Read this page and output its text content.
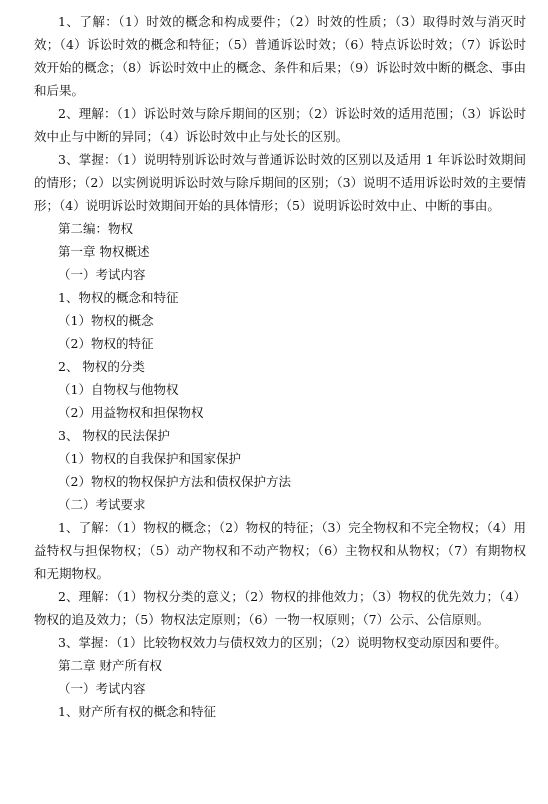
1、了解：（1）时效的概念和构成要件；（2）时效的性质；（3）取得时效与消灭时效；（4）诉讼时效的概念和特征；（5）普通诉讼时效；（6）特点诉讼时效；（7）诉讼时效开始的概念；（8）诉讼时效中止的概念、条件和后果；（9）诉讼时效中断的概念、事由和后果。

2、理解：（1）诉讼时效与除斥期间的区别；（2）诉讼时效的适用范围；（3）诉讼时效中止与中断的异同；（4）诉讼时效中止与处长的区别。

3、掌握：（1）说明特别诉讼时效与普通诉讼时效的区别以及适用 1 年诉讼时效期间的情形；（2）以实例说明诉讼时效与除斥期间的区别；（3）说明不适用诉讼时效的主要情形；（4）说明诉讼时效期间开始的具体情形；（5）说明诉讼时效中止、中断的事由。

第二编：物权

第一章 物权概述

（一）考试内容

1、物权的概念和特征

（1）物权的概念

（2）物权的特征

2、 物权的分类

（1）自物权与他物权

（2）用益物权和担保物权

3、 物权的民法保护

（1）物权的自我保护和国家保护

（2）物权的物权保护方法和债权保护方法

（二）考试要求

1、了解：（1）物权的概念；（2）物权的特征；（3）完全物权和不完全物权；（4）用益特权与担保物权；（5）动产物权和不动产物权；（6）主物权和从物权；（7）有期物权和无期物权。

2、理解：（1）物权分类的意义；（2）物权的排他效力；（3）物权的优先效力；（4）物权的追及效力；（5）物权法定原则；（6）一物一权原则；（7）公示、公信原则。

3、掌握：（1）比较物权效力与债权效力的区别；（2）说明物权变动原因和要件。

第二章 财产所有权

（一）考试内容

1、财产所有权的概念和特征
